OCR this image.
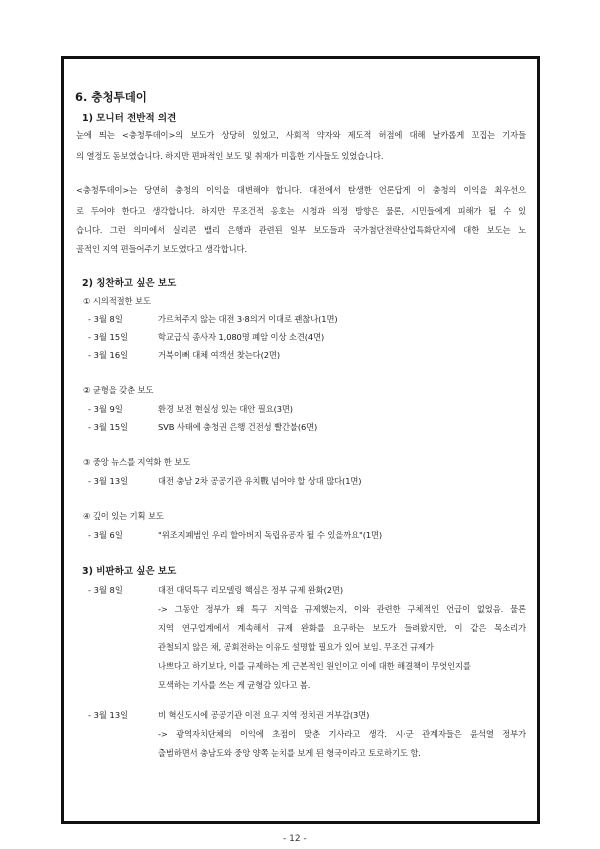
6. 충청투데이
1) 모니터 전반적 의견
눈에 띄는 <충청투데이>의 보도가 상당히 있었고, 사회적 약자와 제도적 허점에 대해 날카롭게 꼬집는 기자들
의 열정도 돋보였습니다. 하지만 편파적인 보도 및 취재가 미흡한 기사들도 있었습니다.
<충청투데이>는 당연히 충청의 이익을 대변해야 합니다. 대전에서 탄생한 언론답게 이 충청의 이익을 최우선으
로 두어야 한다고 생각합니다. 하지만 무조건적 옹호는 시청과 의정 방향은 물론, 시민들에게 피해가 될 수 있
습니다. 그런 의미에서 실리콘 밸리 은행과 관련된 일부 보도들과 국가첨단전략산업특화단지에 대한 보도는 노
골적인 지역 편들어주기 보도였다고 생각합니다.
2) 칭찬하고 싶은 보도
① 시의적절한 보도
- 3월 8일	가르쳐주지 않는 대전 3·8의거 이대로 괜찮나(1면)
- 3월 15일	학교급식 종사자 1,080명 폐암 이상 소견(4면)
- 3월 16일	거북이뻐 대체 여객선 찾는다(2면)
② 균형을 갖춘 보도
- 3월 9일	환경 보전 현실성 있는 대안 필요(3면)
- 3월 15일	SVB 사태에 충청권 은행 건전성 빨간불(6면)
③ 중앙 뉴스를 지역화 한 보도
- 3월 13일	대전 충남 2차 공공기관 유치戰 넘어야 할 상대 많다(1면)
④ 깊이 있는 기획 보도
- 3월 6일	"위조지폐범인 우리 할아버지 독립유공자 될 수 있을까요"(1면)
3) 비판하고 싶은 보도
- 3월 8일	대전 대덕특구 리모델링 핵심은 정부 규제 완화(2면)
-> 그동안 정부가 왜 특구 지역을 규제했는지, 이와 관련한 구체적인 언급이 없었음. 물론
지역 연구업계에서 계속해서 규제 완화를 요구하는 보도가 들려왔지만, 이 같은 목소리가
관철되지 않은 채, 공회전하는 이유도 설명할 필요가 있어 보임. 무조건 규제가
나쁘다고 하기보다, 이를 규제하는 게 근본적인 원인이고 이에 대한 해결책이 무엇인지를
모색하는 기사를 쓰는 게 균형감 있다고 봄.
- 3월 13일	비 혁신도시에 공공기관 이전 요구 지역 정치권 거부감(3면)
-> 광역자치단체의 이익에 초점이 맞춘 기사라고 생각. 시·군 관계자들은 윤석열 정부가
출범하면서 충남도와 중앙 양쪽 눈치를 보게 된 형국이라고 토로하기도 함.
- 12 -
